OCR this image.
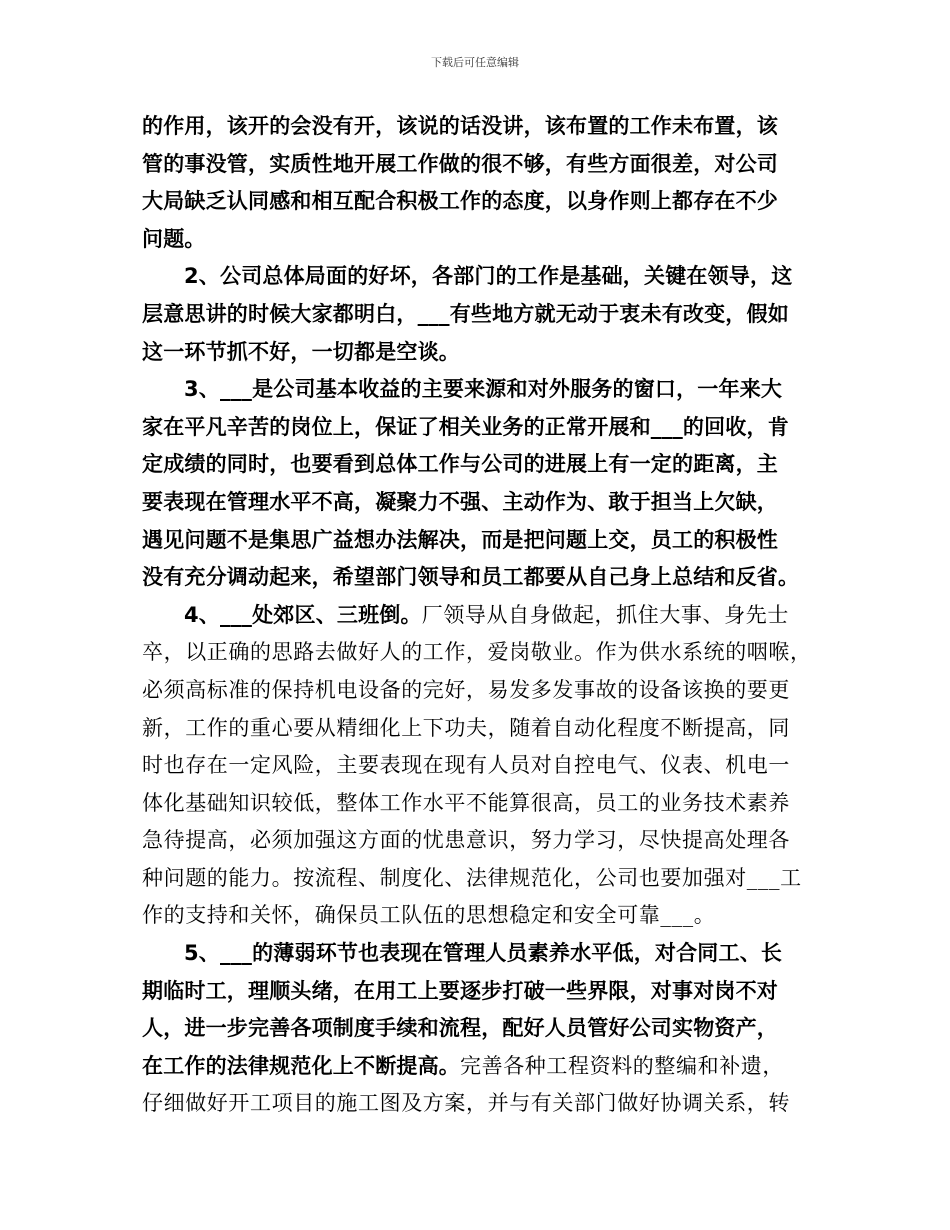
下载后可任意编辑
的作用，该开的会没有开，该说的话没讲，该布置的工作未布置，该
管的事没管，实质性地开展工作做的很不够，有些方面很差，对公司
大局缺乏认同感和相互配合积极工作的态度，以身作则上都存在不少
问题。
2、公司总体局面的好坏，各部门的工作是基础，关键在领导，这
层意思讲的时候大家都明白，___有些地方就无动于衷未有改变，假如
这一环节抓不好，一切都是空谈。
3、___是公司基本收益的主要来源和对外服务的窗口，一年来大
家在平凡辛苦的岗位上，保证了相关业务的正常开展和___的回收，肯
定成绩的同时，也要看到总体工作与公司的进展上有一定的距离，主
要表现在管理水平不高，凝聚力不强、主动作为、敢于担当上欠缺，
遇见问题不是集思广益想办法解决，而是把问题上交，员工的积极性
没有充分调动起来，希望部门领导和员工都要从自己身上总结和反省。
4、___处郊区、三班倒。厂领导从自身做起，抓住大事、身先士
卒，以正确的思路去做好人的工作，爱岗敬业。作为供水系统的咽喉，
必须高标准的保持机电设备的完好，易发多发事故的设备该换的要更
新，工作的重心要从精细化上下功夫，随着自动化程度不断提高，同
时也存在一定风险，主要表现在现有人员对自控电气、仪表、机电一
体化基础知识较低，整体工作水平不能算很高，员工的业务技术素养
急待提高，必须加强这方面的忧患意识，努力学习，尽快提高处理各
种问题的能力。按流程、制度化、法律规范化，公司也要加强对___工
作的支持和关怀，确保员工队伍的思想稳定和安全可靠___。
5、___的薄弱环节也表现在管理人员素养水平低，对合同工、长
期临时工，理顺头绪，在用工上要逐步打破一些界限，对事对岗不对
人，进一步完善各项制度手续和流程，配好人员管好公司实物资产，
在工作的法律规范化上不断提高。完善各种工程资料的整编和补遗，
仔细做好开工项目的施工图及方案，并与有关部门做好协调关系，转
